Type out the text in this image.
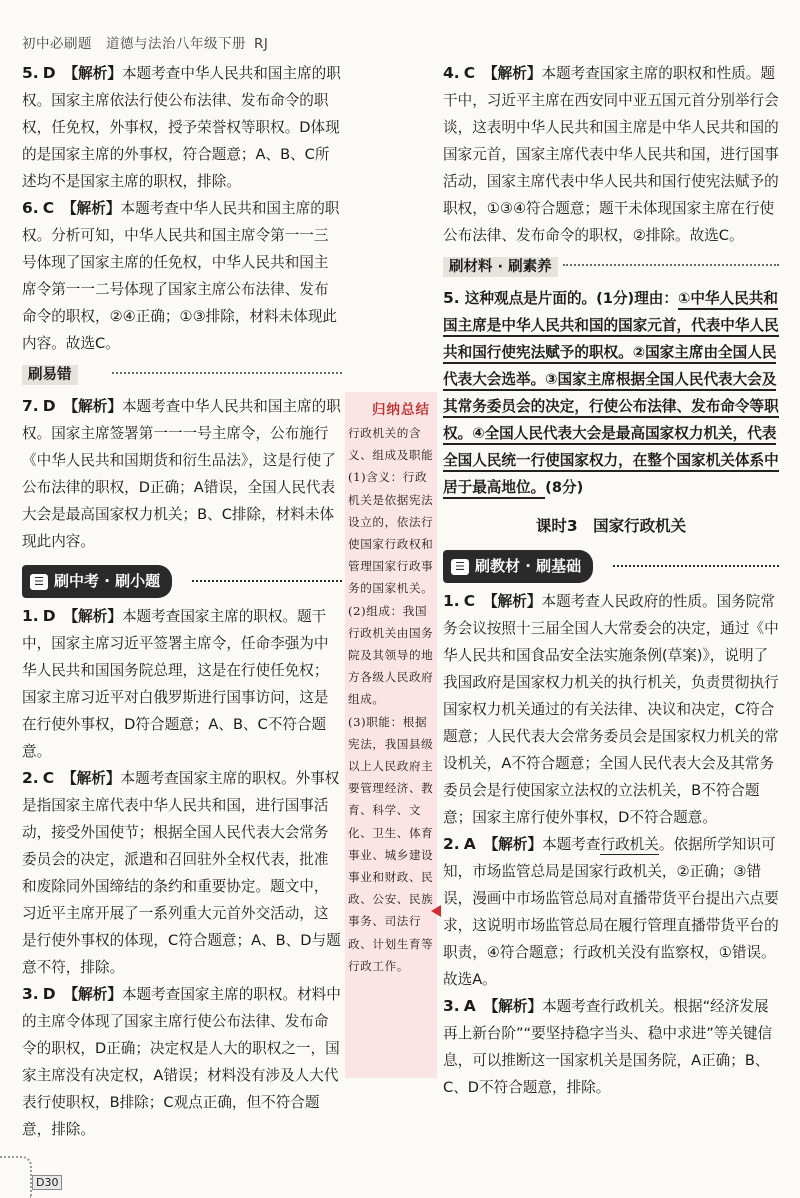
初中必刷题 道德与法治八年级下册 RJ

5. D 【解析】本题考查中华人民共和国主席的职权。国家主席依法行使公布法律、发布命令的职权，任免权，外事权，授予荣誉权等职权。D体现的是国家主席的外事权，符合题意；A、B、C所述均不是国家主席的职权，排除。

6. C 【解析】本题考查中华人民共和国主席的职权。分析可知，中华人民共和国主席令第一一三号体现了国家主席的任免权，中华人民共和国主席令第一一二号体现了国家主席公布法律、发布命令的职权，②④正确；①③排除，材料未体现此内容。故选C。

刷易错

7. D 【解析】本题考查中华人民共和国主席的职权。国家主席签署第一一一号主席令，公布施行《中华人民共和国期货和衍生品法》，这是行使了公布法律的职权，D正确；A错误，全国人民代表大会是最高国家权力机关；B、C排除，材料未体现此内容。

☰ 刷中考 · 刷小题

1. D 【解析】本题考查国家主席的职权。题干中，国家主席习近平签署主席令，任命李强为中华人民共和国国务院总理，这是在行使任免权；国家主席习近平对白俄罗斯进行国事访问，这是在行使外事权，D符合题意；A、B、C不符合题意。

2. C 【解析】本题考查国家主席的职权。外事权是指国家主席代表中华人民共和国，进行国事活动，接受外国使节；根据全国人民代表大会常务委员会的决定，派遣和召回驻外全权代表，批准和废除同外国缔结的条约和重要协定。题文中，习近平主席开展了一系列重大元首外交活动，这是行使外事权的体现，C符合题意；A、B、D与题意不符，排除。

3. D 【解析】本题考查国家主席的职权。材料中的主席令体现了国家主席行使公布法律、发布命令的职权，D正确；决定权是人大的职权之一，国家主席没有决定权，A错误；材料没有涉及人大代表行使职权，B排除；C观点正确，但不符合题意，排除。

归纳总结

行政机关的含义、组成及职能

(1)含义：行政机关是依据宪法设立的，依法行使国家行政权和管理国家行政事务的国家机关。

(2)组成：我国行政机关由国务院及其领导的地方各级人民政府组成。

(3)职能：根据宪法，我国县级以上人民政府主要管理经济、教育、科学、文化、卫生、体育事业、城乡建设事业和财政、民政、公安、民族事务、司法行政、计划生育等行政工作。

4. C 【解析】本题考查国家主席的职权和性质。题干中，习近平主席在西安同中亚五国元首分别举行会谈，这表明中华人民共和国主席是中华人民共和国的国家元首，国家主席代表中华人民共和国，进行国事活动，国家主席代表中华人民共和国行使宪法赋予的职权，①③④符合题意；题干未体现国家主席在行使公布法律、发布命令的职权，②排除。故选C。

刷材料 · 刷素养

5. 这种观点是片面的。(1分)理由：①中华人民共和国主席是中华人民共和国的国家元首，代表中华人民共和国行使宪法赋予的职权。②国家主席由全国人民代表大会选举。③国家主席根据全国人民代表大会及其常务委员会的决定，行使公布法律、发布命令等职权。④全国人民代表大会是最高国家权力机关，代表全国人民统一行使国家权力，在整个国家机关体系中居于最高地位。(8分)

课时3　国家行政机关
☰ 刷教材 · 刷基础

1. C 【解析】本题考查人民政府的性质。国务院常务会议按照十三届全国人大常委会的决定，通过《中华人民共和国食品安全法实施条例(草案)》，说明了我国政府是国家权力机关的执行机关，负责贯彻执行国家权力机关通过的有关法律、决议和决定，C符合题意；人民代表大会常务委员会是国家权力机关的常设机关，A不符合题意；全国人民代表大会及其常务委员会是行使国家立法权的立法机关，B不符合题意；国家主席行使外事权，D不符合题意。

2. A 【解析】本题考查行政机关。依据所学知识可知，市场监管总局是国家行政机关，②正确；③错误，漫画中市场监管总局对直播带货平台提出六点要求，这说明市场监管总局在履行管理直播带货平台的职责，④符合题意；行政机关没有监察权，①错误。故选A。

3. A 【解析】本题考查行政机关。根据“经济发展再上新台阶”“要坚持稳字当头、稳中求进”等关键信息，可以推断这一国家机关是国务院，A正确；B、C、D不符合题意，排除。

D30
